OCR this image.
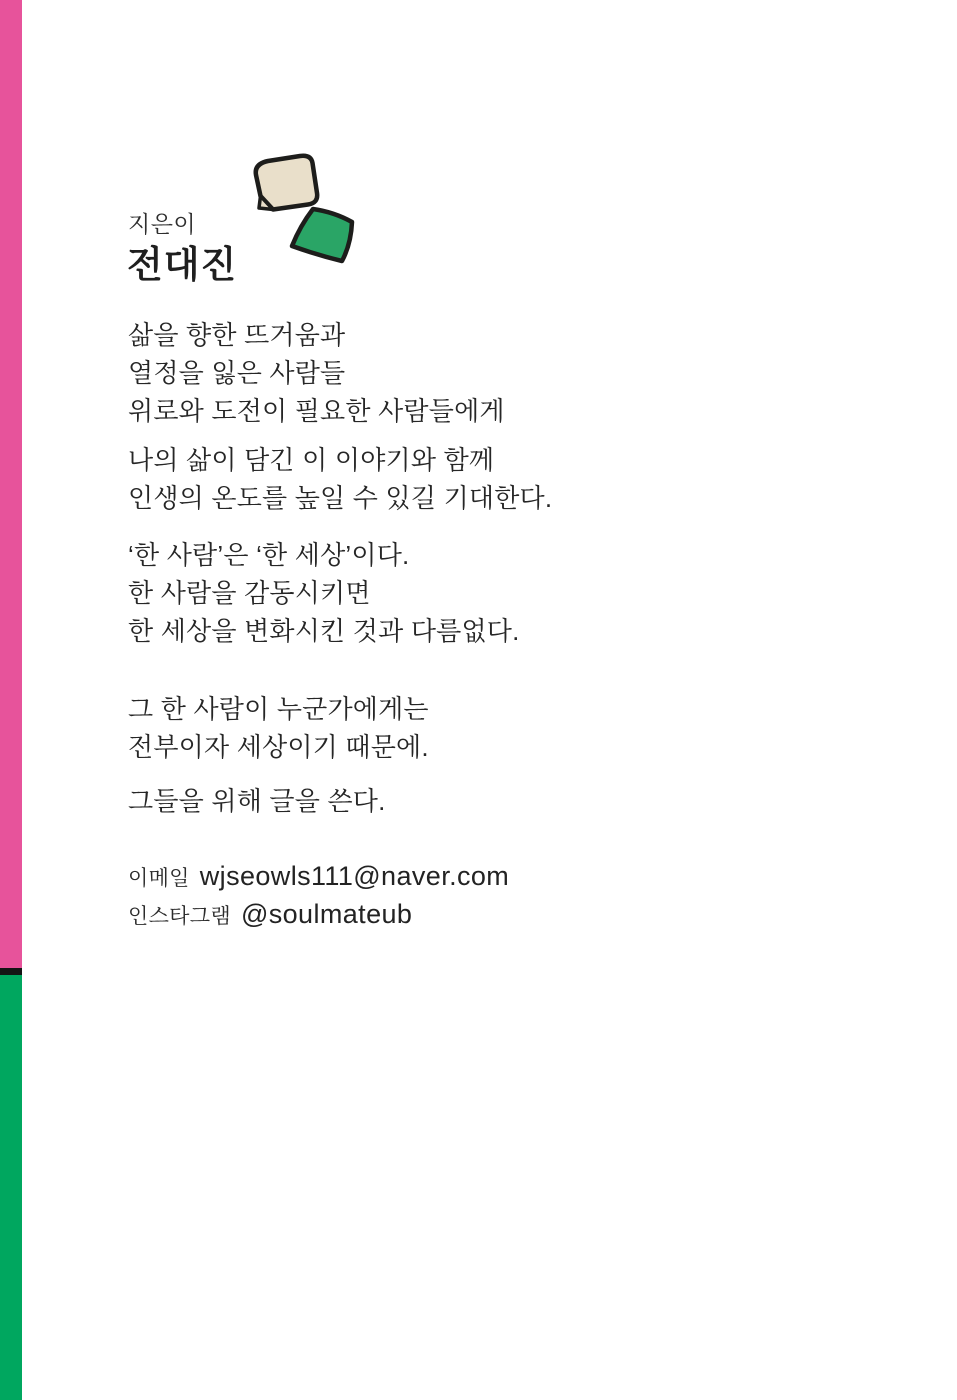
지은이
전대진
삶을 향한 뜨거움과
열정을 잃은 사람들
위로와 도전이 필요한 사람들에게
나의 삶이 담긴 이 이야기와 함께
인생의 온도를 높일 수 있길 기대한다.
‘한 사람’은 ‘한 세상’이다.
한 사람을 감동시키면
한 세상을 변화시킨 것과 다름없다.
그 한 사람이 누군가에게는
전부이자 세상이기 때문에.
그들을 위해 글을 쓴다.
이메일 wjseowls111@naver.com
인스타그램 @soulmateub
